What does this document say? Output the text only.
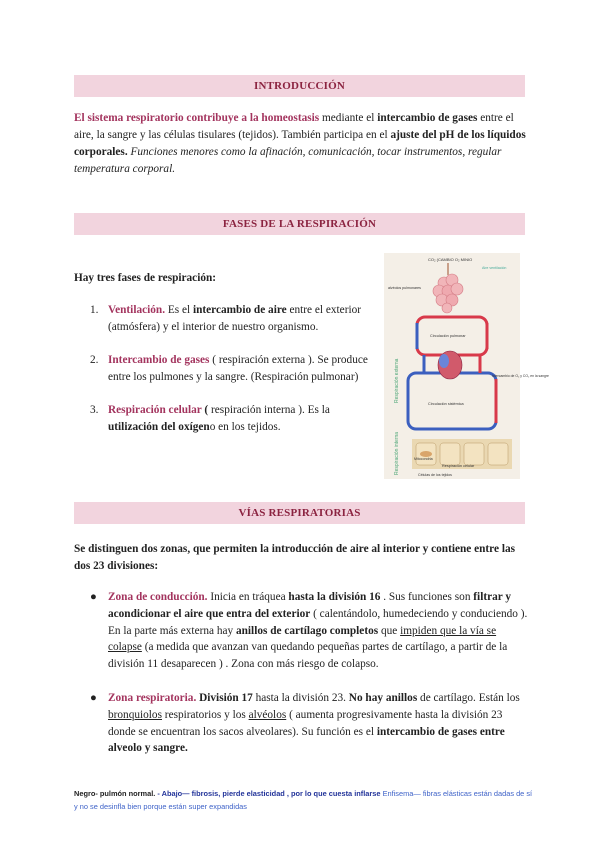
INTRODUCCIÓN
El sistema respiratorio contribuye a la homeostasis mediante el intercambio de gases entre el aire, la sangre y las células tisulares (tejidos). También participa en el ajuste del pH de los líquidos corporales. Funciones menores como la afinación, comunicación, tocar instrumentos, regular temperatura corporal.
FASES DE LA RESPIRACIÓN
Hay tres fases de respiración:
1. Ventilación. Es el intercambio de aire entre el exterior (atmósfera) y el interior de nuestro organismo.
2. Intercambio de gases ( respiración externa ). Se produce entre los pulmones y la sangre. (Respiración pulmonar)
3. Respiración celular ( respiración interna ). Es la utilización del oxígeno en los tejidos.
CO₂ (CAMBIO O₂ MINIO
alvéolos pulmonares
Aire ventilación
Circulación pulmonar
Circulación sistémica
Intercambio de O₂ y CO₂ en la sangre
Respiración externa
Respiración interna	Mitocondria
Respiración celular
Células de los tejidos
VÍAS RESPIRATORIAS
Se distinguen dos zonas, que permiten la introducción de aire al interior y contiene entre las dos 23 divisiones:
● Zona de conducción. Inicia en tráquea hasta la división 16 . Sus funciones son filtrar y acondicionar el aire que entra del exterior ( calentándolo, humedeciendo y conduciendo ). En la parte más externa hay anillos de cartílago completos que impiden que la vía se colapse (a medida que avanzan van quedando pequeñas partes de cartílago, a partir de la división 11 desaparecen ) . Zona con más riesgo de colapso.
● Zona respiratoria. División 17 hasta la división 23. No hay anillos de cartílago. Están los bronquiolos respiratorios y los alvéolos ( aumenta progresivamente hasta la división 23 donde se encuentran los sacos alveolares). Su función es el intercambio de gases entre alveolo y sangre.
Negro- pulmón normal. - Abajo— fibrosis, pierde elasticidad , por lo que cuesta inflarse Enfisema— fibras elásticas están dadas de sí y no se desinfla bien porque están super expandidas
